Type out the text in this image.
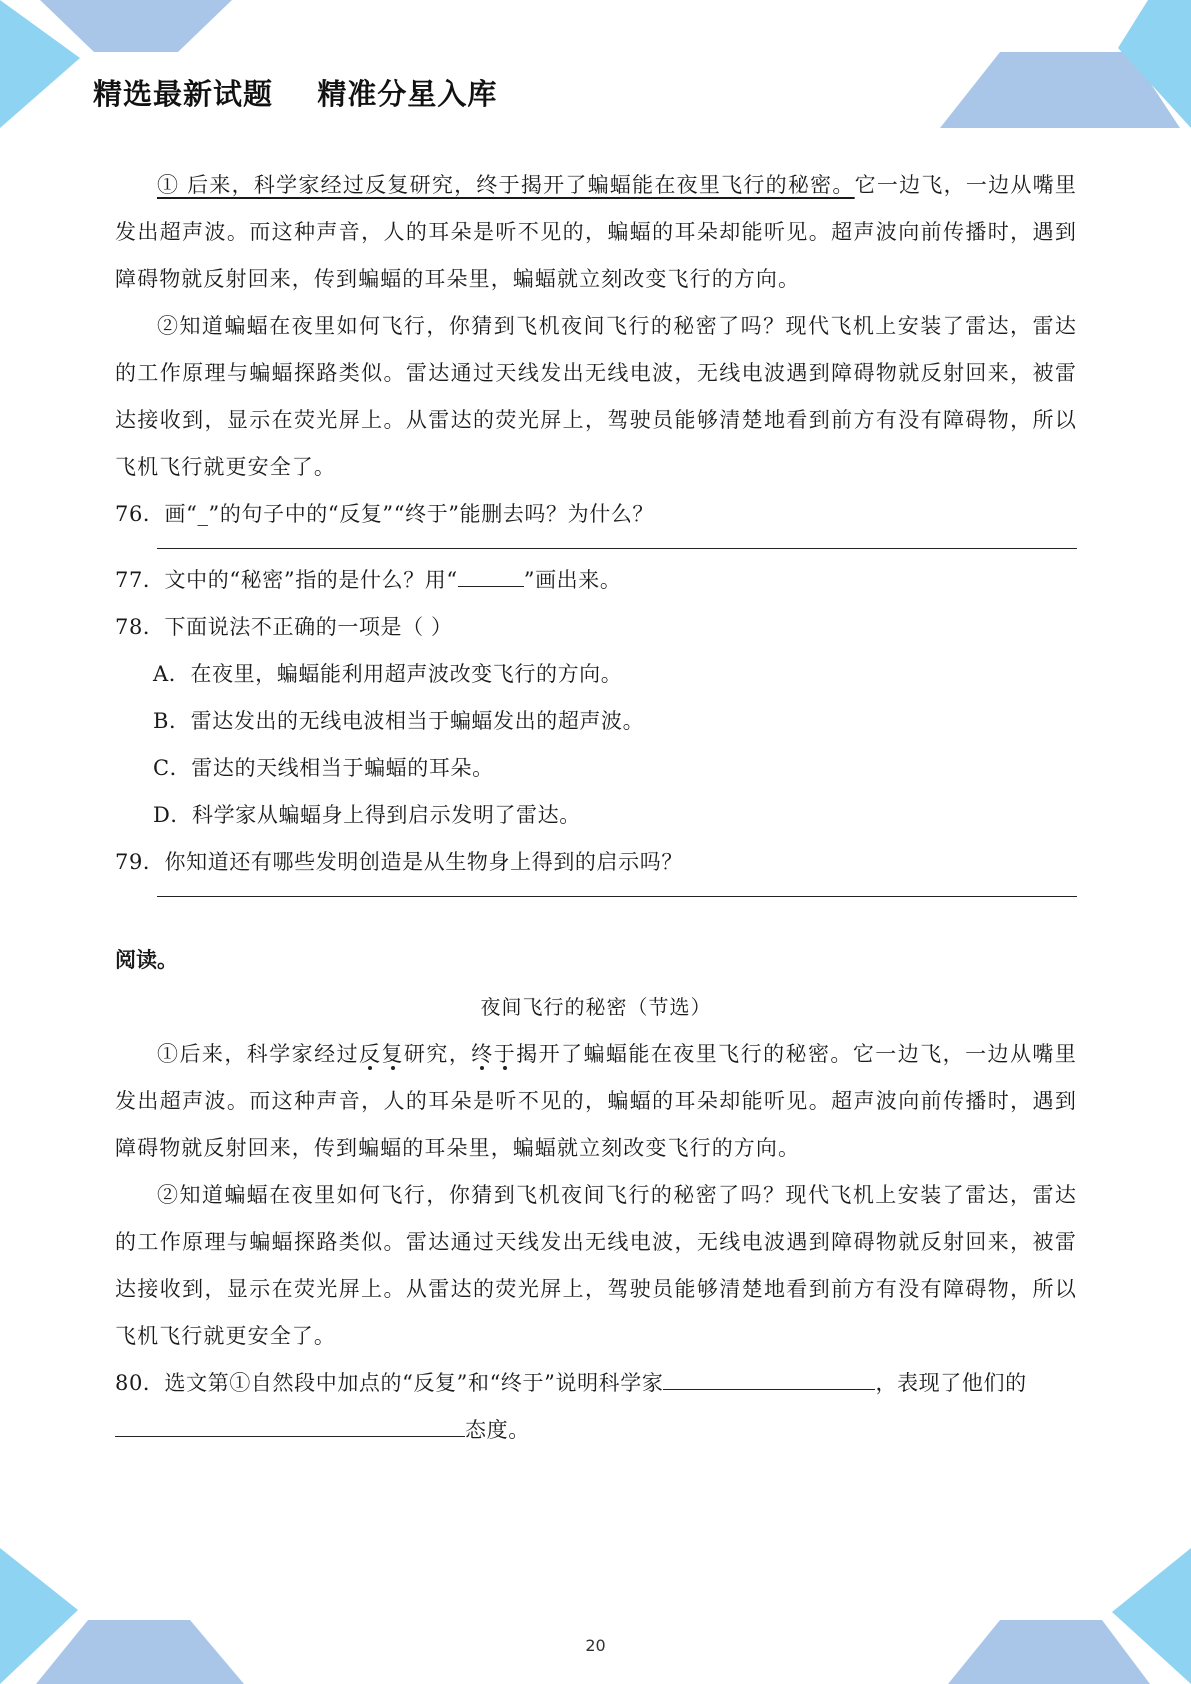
精选最新试题    精准分星入库

① 后来，科学家经过反复研究，终于揭开了蝙蝠能在夜里飞行的秘密。它一边飞，一边从嘴里发出超声波。而这种声音，人的耳朵是听不见的，蝙蝠的耳朵却能听见。超声波向前传播时，遇到障碍物就反射回来，传到蝙蝠的耳朵里，蝙蝠就立刻改变飞行的方向。

②知道蝙蝠在夜里如何飞行，你猜到飞机夜间飞行的秘密了吗？现代飞机上安装了雷达，雷达的工作原理与蝙蝠探路类似。雷达通过天线发出无线电波，无线电波遇到障碍物就反射回来，被雷达接收到，显示在荧光屏上。从雷达的荧光屏上，驾驶员能够清楚地看到前方有没有障碍物，所以飞机飞行就更安全了。

76．画“_”的句子中的“反复”“终于”能删去吗？为什么？

77．文中的“秘密”指的是什么？用“	”画出来。

78．下面说法不正确的一项是（ ）

A．在夜里，蝙蝠能利用超声波改变飞行的方向。

B．雷达发出的无线电波相当于蝙蝠发出的超声波。

C．雷达的天线相当于蝙蝠的耳朵。

D．科学家从蝙蝠身上得到启示发明了雷达。

79．你知道还有哪些发明创造是从生物身上得到的启示吗？

阅读。

夜间飞行的秘密（节选）

①后来，科学家经过反复研究，终于揭开了蝙蝠能在夜里飞行的秘密。它一边飞，一边从嘴里发出超声波。而这种声音，人的耳朵是听不见的，蝙蝠的耳朵却能听见。超声波向前传播时，遇到障碍物就反射回来，传到蝙蝠的耳朵里，蝙蝠就立刻改变飞行的方向。

②知道蝙蝠在夜里如何飞行，你猜到飞机夜间飞行的秘密了吗？现代飞机上安装了雷达，雷达的工作原理与蝙蝠探路类似。雷达通过天线发出无线电波，无线电波遇到障碍物就反射回来，被雷达接收到，显示在荧光屏上。从雷达的荧光屏上，驾驶员能够清楚地看到前方有没有障碍物，所以飞机飞行就更安全了。

80．选文第①自然段中加点的“反复”和“终于”说明科学家	，表现了他们的态度。

20
